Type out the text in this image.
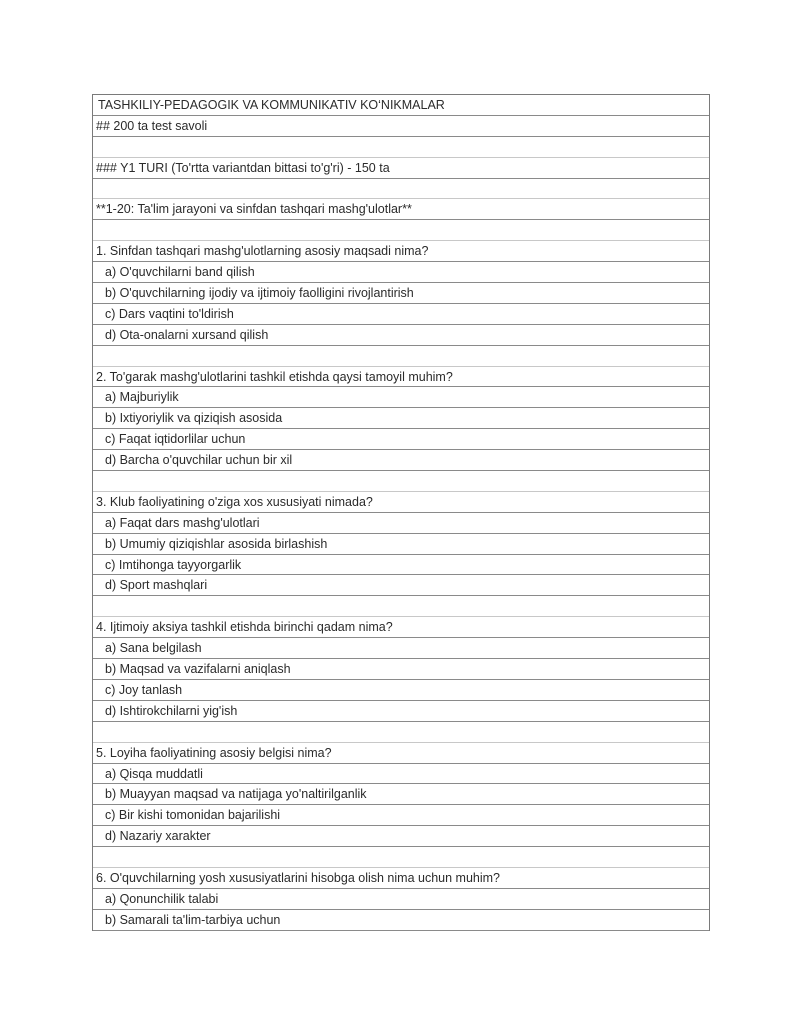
TASHKILIY-PEDAGOGIK VA KOMMUNIKATIV KO‘NIKMALAR
## 200 ta test savoli
### Y1 TURI (To'rtta variantdan bittasi to'g'ri) - 150 ta
**1-20: Ta'lim jarayoni va sinfdan tashqari mashg'ulotlar**
1. Sinfdan tashqari mashg'ulotlarning asosiy maqsadi nima?
a) O'quvchilarni band qilish
b) O'quvchilarning ijodiy va ijtimoiy faolligini rivojlantirish
c) Dars vaqtini to'ldirish
d) Ota-onalarni xursand qilish
2. To'garak mashg'ulotlarini tashkil etishda qaysi tamoyil muhim?
a) Majburiylik
b) Ixtiyoriylik va qiziqish asosida
c) Faqat iqtidorlilar uchun
d) Barcha o'quvchilar uchun bir xil
3. Klub faoliyatining o'ziga xos xususiyati nimada?
a) Faqat dars mashg'ulotlari
b) Umumiy qiziqishlar asosida birlashish
c) Imtihonga tayyorgarlik
d) Sport mashqlari
4. Ijtimoiy aksiya tashkil etishda birinchi qadam nima?
a) Sana belgilash
b) Maqsad va vazifalarni aniqlash
c) Joy tanlash
d) Ishtirokchilarni yig'ish
5. Loyiha faoliyatining asosiy belgisi nima?
a) Qisqa muddatli
b) Muayyan maqsad va natijaga yo'naltirilganlik
c) Bir kishi tomonidan bajarilishi
d) Nazariy xarakter
6. O'quvchilarning yosh xususiyatlarini hisobga olish nima uchun muhim?
a) Qonunchilik talabi
b) Samarali ta'lim-tarbiya uchun
